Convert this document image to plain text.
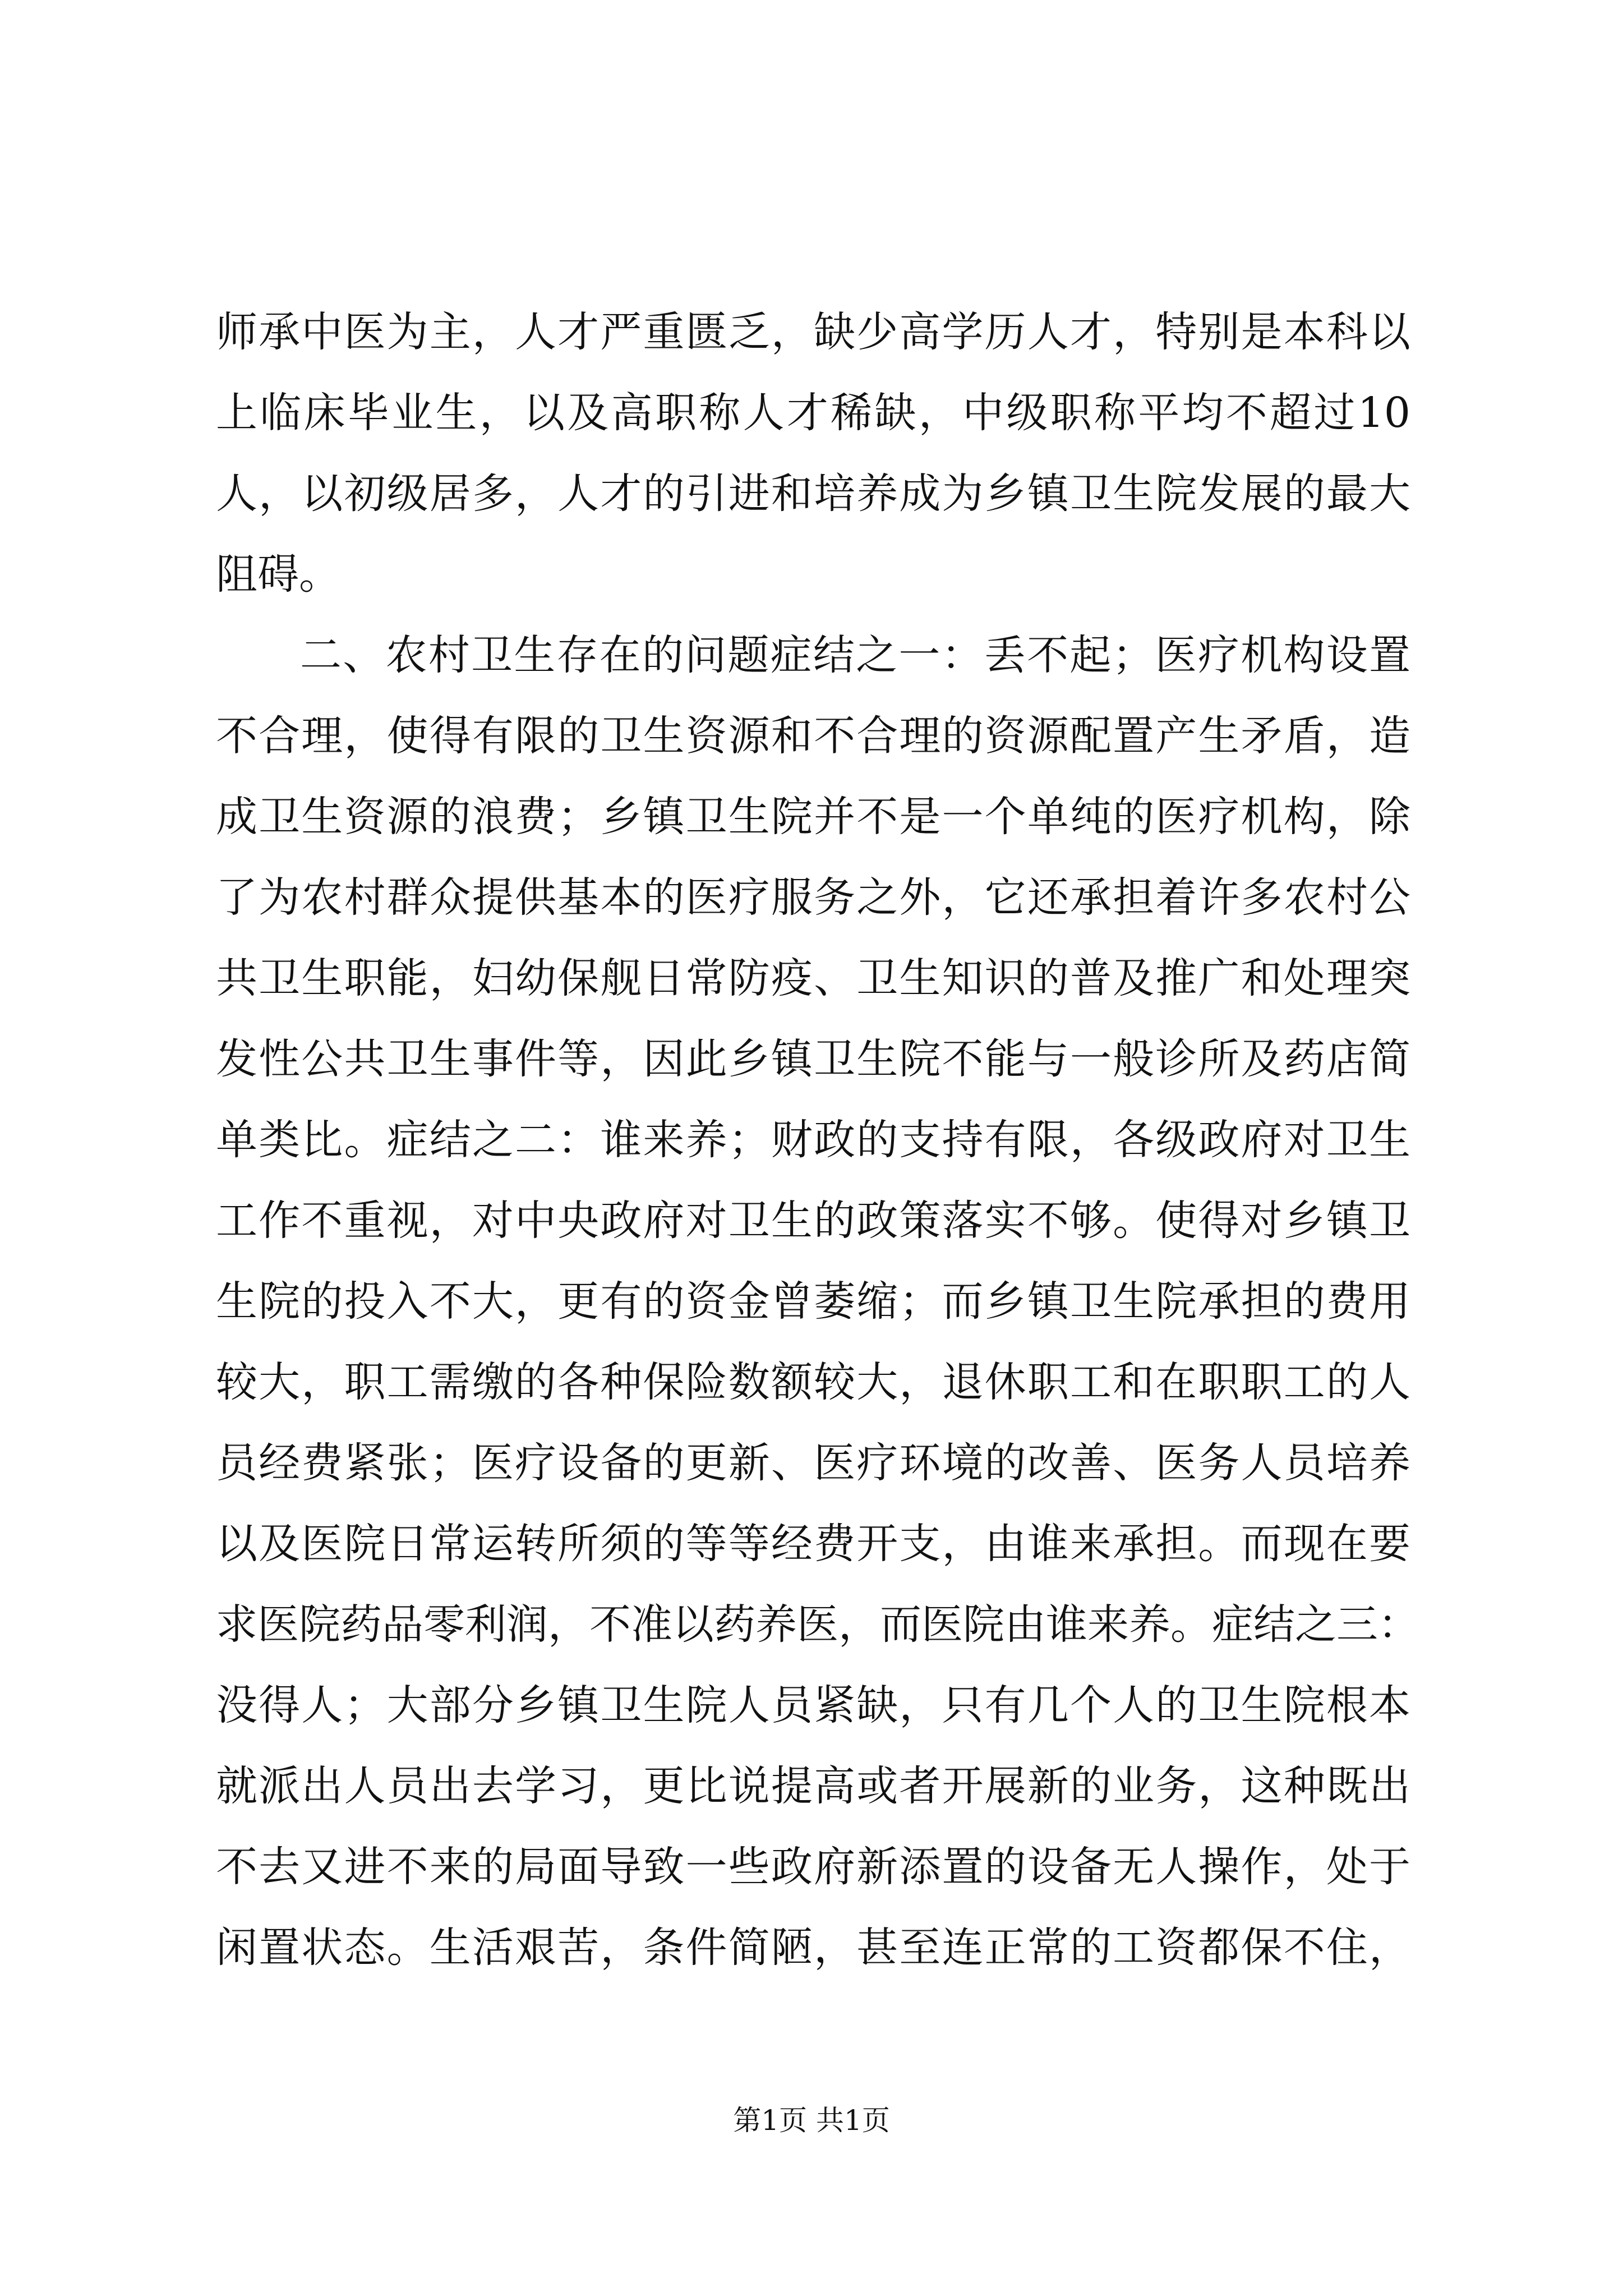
师承中医为主，人才严重匮乏，缺少高学历人才，特别是本科以
上临床毕业生，以及高职称人才稀缺，中级职称平均不超过10
人，以初级居多，人才的引进和培养成为乡镇卫生院发展的最大
阻碍。
二、农村卫生存在的问题症结之一：丢不起；医疗机构设置
不合理，使得有限的卫生资源和不合理的资源配置产生矛盾，造
成卫生资源的浪费；乡镇卫生院并不是一个单纯的医疗机构，除
了为农村群众提供基本的医疗服务之外，它还承担着许多农村公
共卫生职能，妇幼保舰日常防疫、卫生知识的普及推广和处理突
发性公共卫生事件等，因此乡镇卫生院不能与一般诊所及药店简
单类比。症结之二：谁来养；财政的支持有限，各级政府对卫生
工作不重视，对中央政府对卫生的政策落实不够。使得对乡镇卫
生院的投入不大，更有的资金曾萎缩；而乡镇卫生院承担的费用
较大，职工需缴的各种保险数额较大，退休职工和在职职工的人
员经费紧张；医疗设备的更新、医疗环境的改善、医务人员培养
以及医院日常运转所须的等等经费开支，由谁来承担。而现在要
求医院药品零利润，不准以药养医，而医院由谁来养。症结之三：
没得人；大部分乡镇卫生院人员紧缺，只有几个人的卫生院根本
就派出人员出去学习，更比说提高或者开展新的业务，这种既出
不去又进不来的局面导致一些政府新添置的设备无人操作，处于
闲置状态。生活艰苦，条件简陋，甚至连正常的工资都保不住，
第1页 共1页
